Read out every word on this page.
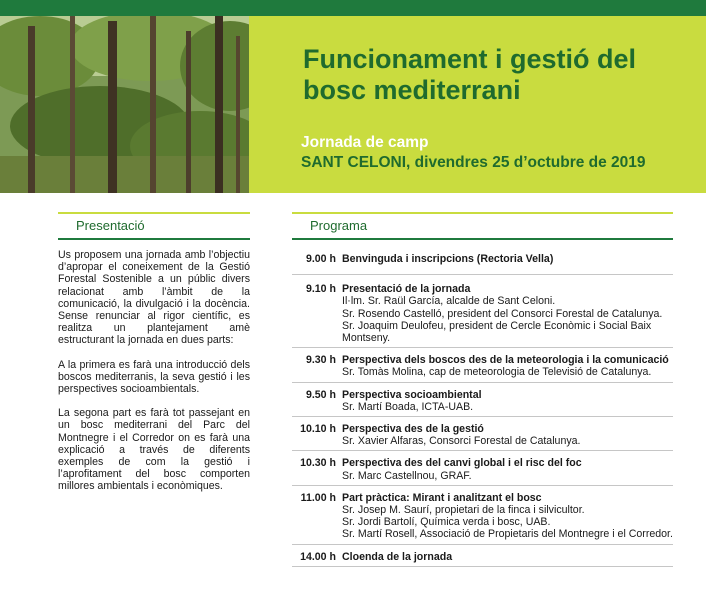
Funcionament i gestió del
bosc mediterrani

Jornada de camp

SANT CELONI, divendres 25 d’octubre de 2019

Presentació

Us proposem una jornada amb l’objectiu d’apropar el coneixement de la Gestió Forestal Sostenible a un públic divers relacionat amb l’àmbit de la comunicació, la divulgació i la docència. Sense renunciar al rigor científic, es realitza un plantejament amè estructurant la jornada en dues parts:

A la primera es farà una introducció dels boscos mediterranis, la seva gestió i les perspectives socioambientals.

La segona part es farà tot passejant en un bosc mediterrani del Parc del Montnegre i el Corredor on es farà una explicació a través de diferents exemples de com la gestió i l’aprofitament del bosc comporten millores ambientals i econòmiques.

Programa
9.00 h Benvinguda i inscripcions (Rectoria Vella)
9.10 h Presentació de la jornada
Il·lm. Sr. Raül García, alcalde de Sant Celoni.
Sr. Rosendo Castelló, president del Consorci Forestal de Catalunya.
Sr. Joaquim Deulofeu, president de Cercle Econòmic i Social Baix Montseny.
9.30 h Perspectiva dels boscos des de la meteorologia i la comunicació
Sr. Tomàs Molina, cap de meteorologia de Televisió de Catalunya.
9.50 h Perspectiva socioambiental
Sr. Martí Boada, ICTA-UAB.
10.10 h Perspectiva des de la gestió
Sr. Xavier Alfaras, Consorci Forestal de Catalunya.
10.30 h Perspectiva des del canvi global i el risc del foc
Sr. Marc Castellnou, GRAF.
11.00 h Part pràctica: Mirant i analitzant el bosc
Sr. Josep M. Saurí, propietari de la finca i silvicultor.
Sr. Jordi Bartolí, Química verda i bosc, UAB.
Sr. Martí Rosell, Associació de Propietaris del Montnegre i el Corredor.
14.00 h Cloenda de la jornada
